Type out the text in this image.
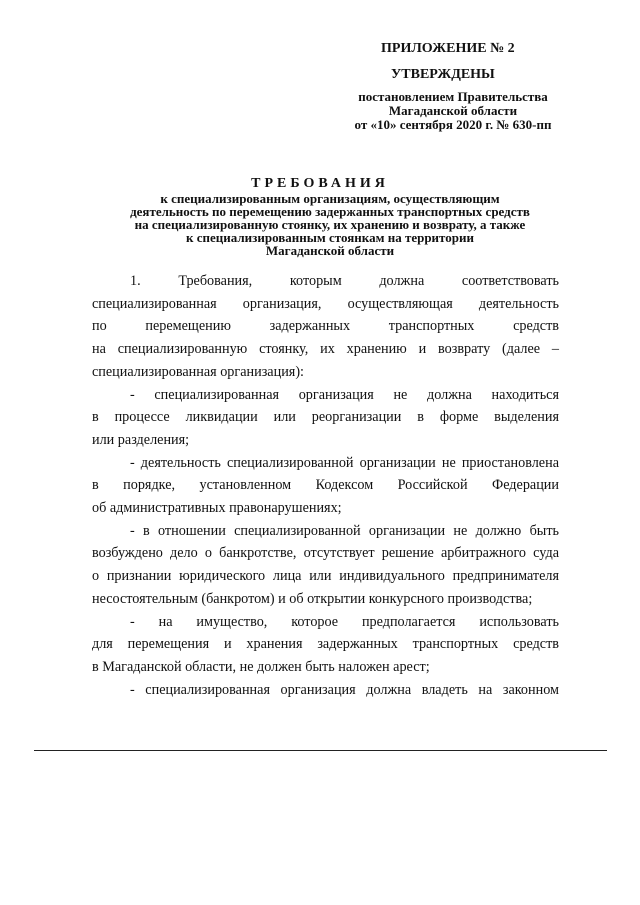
ПРИЛОЖЕНИЕ № 2
УТВЕРЖДЕНЫ
постановлением Правительства
Магаданской области
от «10» сентября 2020 г. № 630-пп
ТРЕБОВАНИЯ
к специализированным организациям, осуществляющим
деятельность по перемещению задержанных транспортных средств
на специализированную стоянку, их хранению и возврату, а также
к специализированным стоянкам на территории
Магаданской области
1. Требования, которым должна соответствовать
специализированная организация, осуществляющая деятельность
по перемещению задержанных транспортных средств
на специализированную стоянку, их хранению и возврату (далее –
специализированная организация):
- специализированная организация не должна находиться
в процессе ликвидации или реорганизации в форме выделения
или разделения;
- деятельность специализированной организации не приостановлена
в порядке, установленном Кодексом Российской Федерации
об административных правонарушениях;
- в отношении специализированной организации не должно быть
возбуждено дело о банкротстве, отсутствует решение арбитражного суда
о признании юридического лица или индивидуального предпринимателя
несостоятельным (банкротом) и об открытии конкурсного производства;
- на имущество, которое предполагается использовать
для перемещения и хранения задержанных транспортных средств
в Магаданской области, не должен быть наложен арест;
- специализированная организация должна владеть на законном
